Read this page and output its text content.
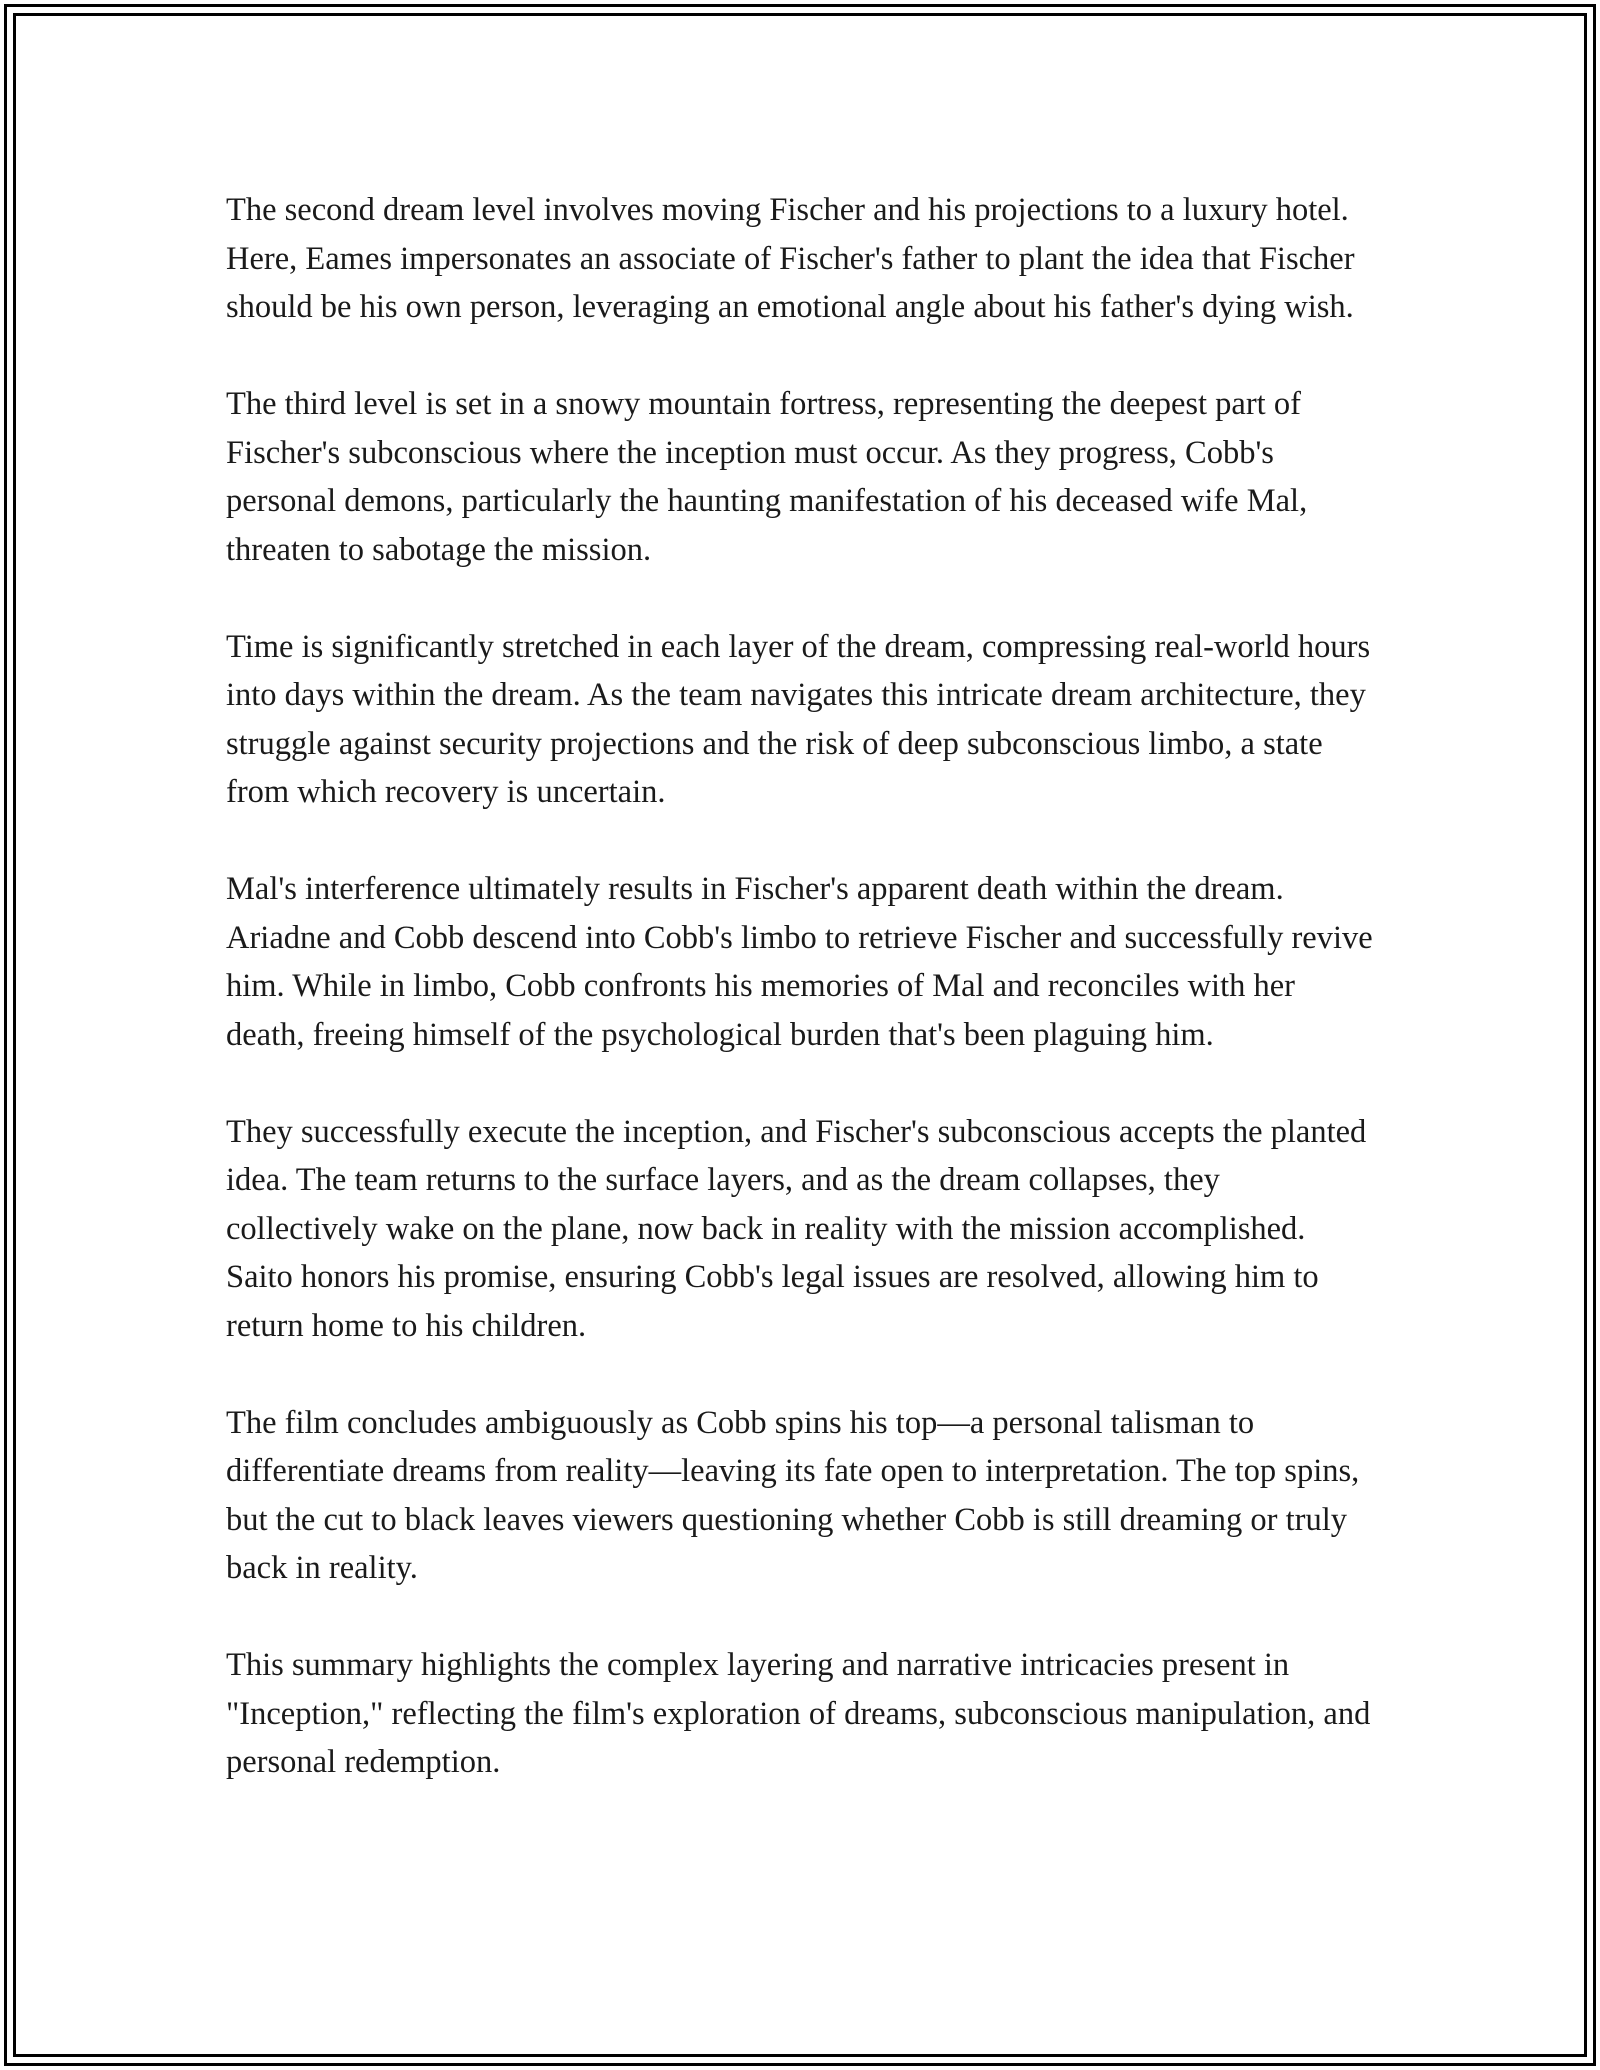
The second dream level involves moving Fischer and his projections to a luxury hotel. Here, Eames impersonates an associate of Fischer's father to plant the idea that Fischer should be his own person, leveraging an emotional angle about his father's dying wish.

The third level is set in a snowy mountain fortress, representing the deepest part of Fischer's subconscious where the inception must occur. As they progress, Cobb's personal demons, particularly the haunting manifestation of his deceased wife Mal, threaten to sabotage the mission.

Time is significantly stretched in each layer of the dream, compressing real-world hours into days within the dream. As the team navigates this intricate dream architecture, they struggle against security projections and the risk of deep subconscious limbo, a state from which recovery is uncertain.

Mal's interference ultimately results in Fischer's apparent death within the dream. Ariadne and Cobb descend into Cobb's limbo to retrieve Fischer and successfully revive him. While in limbo, Cobb confronts his memories of Mal and reconciles with her death, freeing himself of the psychological burden that's been plaguing him.

They successfully execute the inception, and Fischer's subconscious accepts the planted idea. The team returns to the surface layers, and as the dream collapses, they collectively wake on the plane, now back in reality with the mission accomplished. Saito honors his promise, ensuring Cobb's legal issues are resolved, allowing him to return home to his children.

The film concludes ambiguously as Cobb spins his top—a personal talisman to differentiate dreams from reality—leaving its fate open to interpretation. The top spins, but the cut to black leaves viewers questioning whether Cobb is still dreaming or truly back in reality.

This summary highlights the complex layering and narrative intricacies present in "Inception," reflecting the film's exploration of dreams, subconscious manipulation, and personal redemption.
